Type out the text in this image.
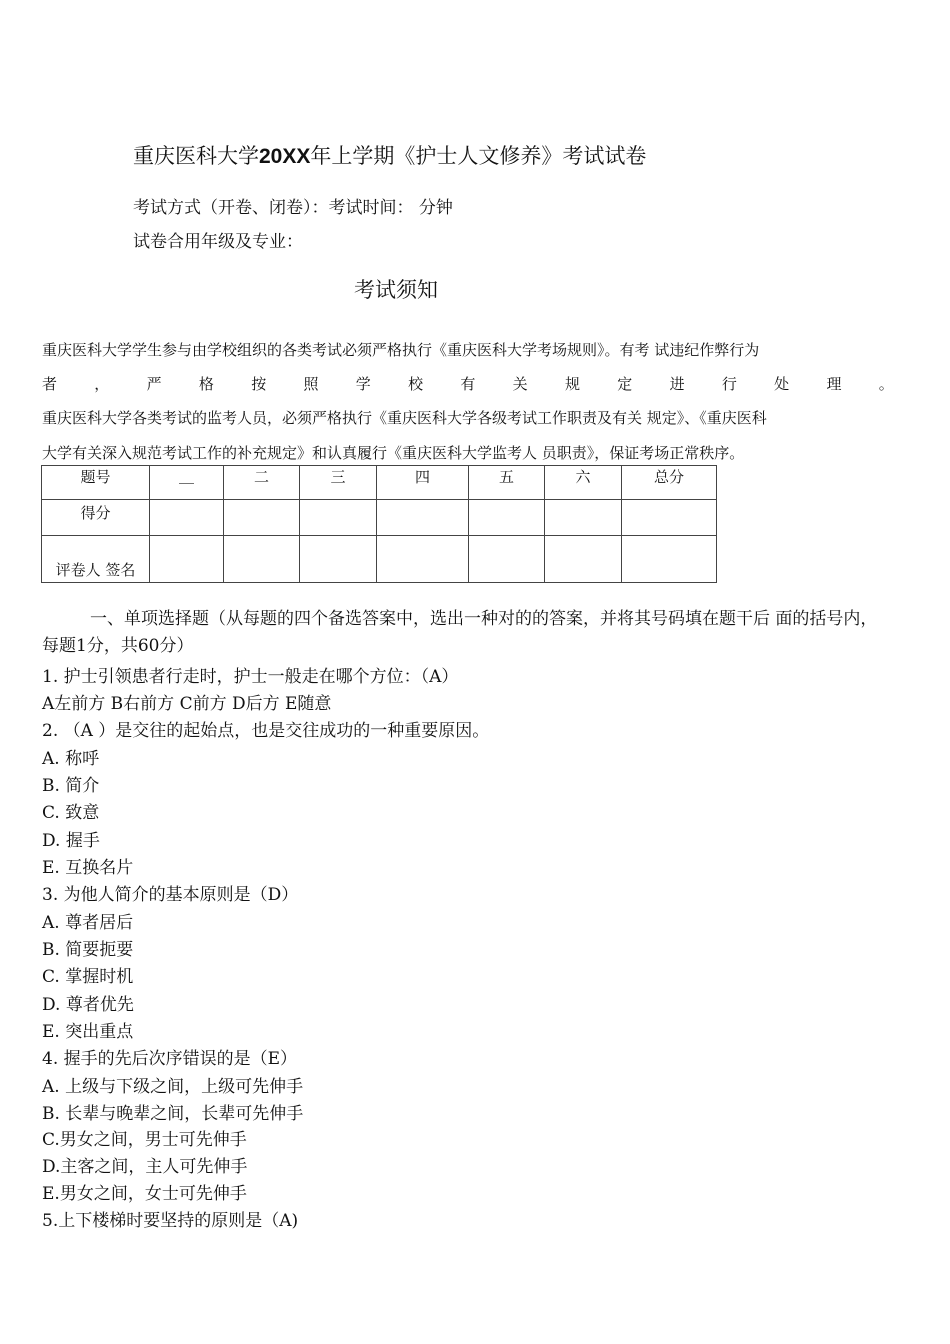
重庆医科大学20XX年上学期《护士人文修养》考试试卷
考试方式（开卷、闭卷）：考试时间： 分钟
试卷合用年级及专业：
考试须知
重庆医科大学学生参与由学校组织的各类考试必须严格执行《重庆医科大学考场规则》。有考 试违纪作弊行为
者 ， 严 格 按 照 学 校 有 关 规 定 进 行 处 理 。
重庆医科大学各类考试的监考人员，必须严格执行《重庆医科大学各级考试工作职责及有关 规定》、《重庆医科
大学有关深入规范考试工作的补充规定》和认真履行《重庆医科大学监考人 员职责》，保证考场正常秩序。
题号	__	二	三	四	五	六	总分
得分							
评卷人 签名							
一、单项选择题（从每题的四个备选答案中，选出一种对的的答案，并将其号码填在题干后 面的括号内，每题1分，共60分）
1. 护士引领患者行走时，护士一般走在哪个方位：（A）
A左前方 B右前方 C前方 D后方 E随意
2. （A ）是交往的起始点，也是交往成功的一种重要原因。
A. 称呼
B. 简介
C. 致意
D. 握手
E. 互换名片
3. 为他人简介的基本原则是（D）
A. 尊者居后
B. 简要扼要
C. 掌握时机
D. 尊者优先
E. 突出重点
4. 握手的先后次序错误的是（E）
A. 上级与下级之间，上级可先伸手
B. 长辈与晚辈之间，长辈可先伸手
C.男女之间，男士可先伸手
D.主客之间，主人可先伸手
E.男女之间，女士可先伸手
5.上下楼梯时要坚持的原则是（A)
